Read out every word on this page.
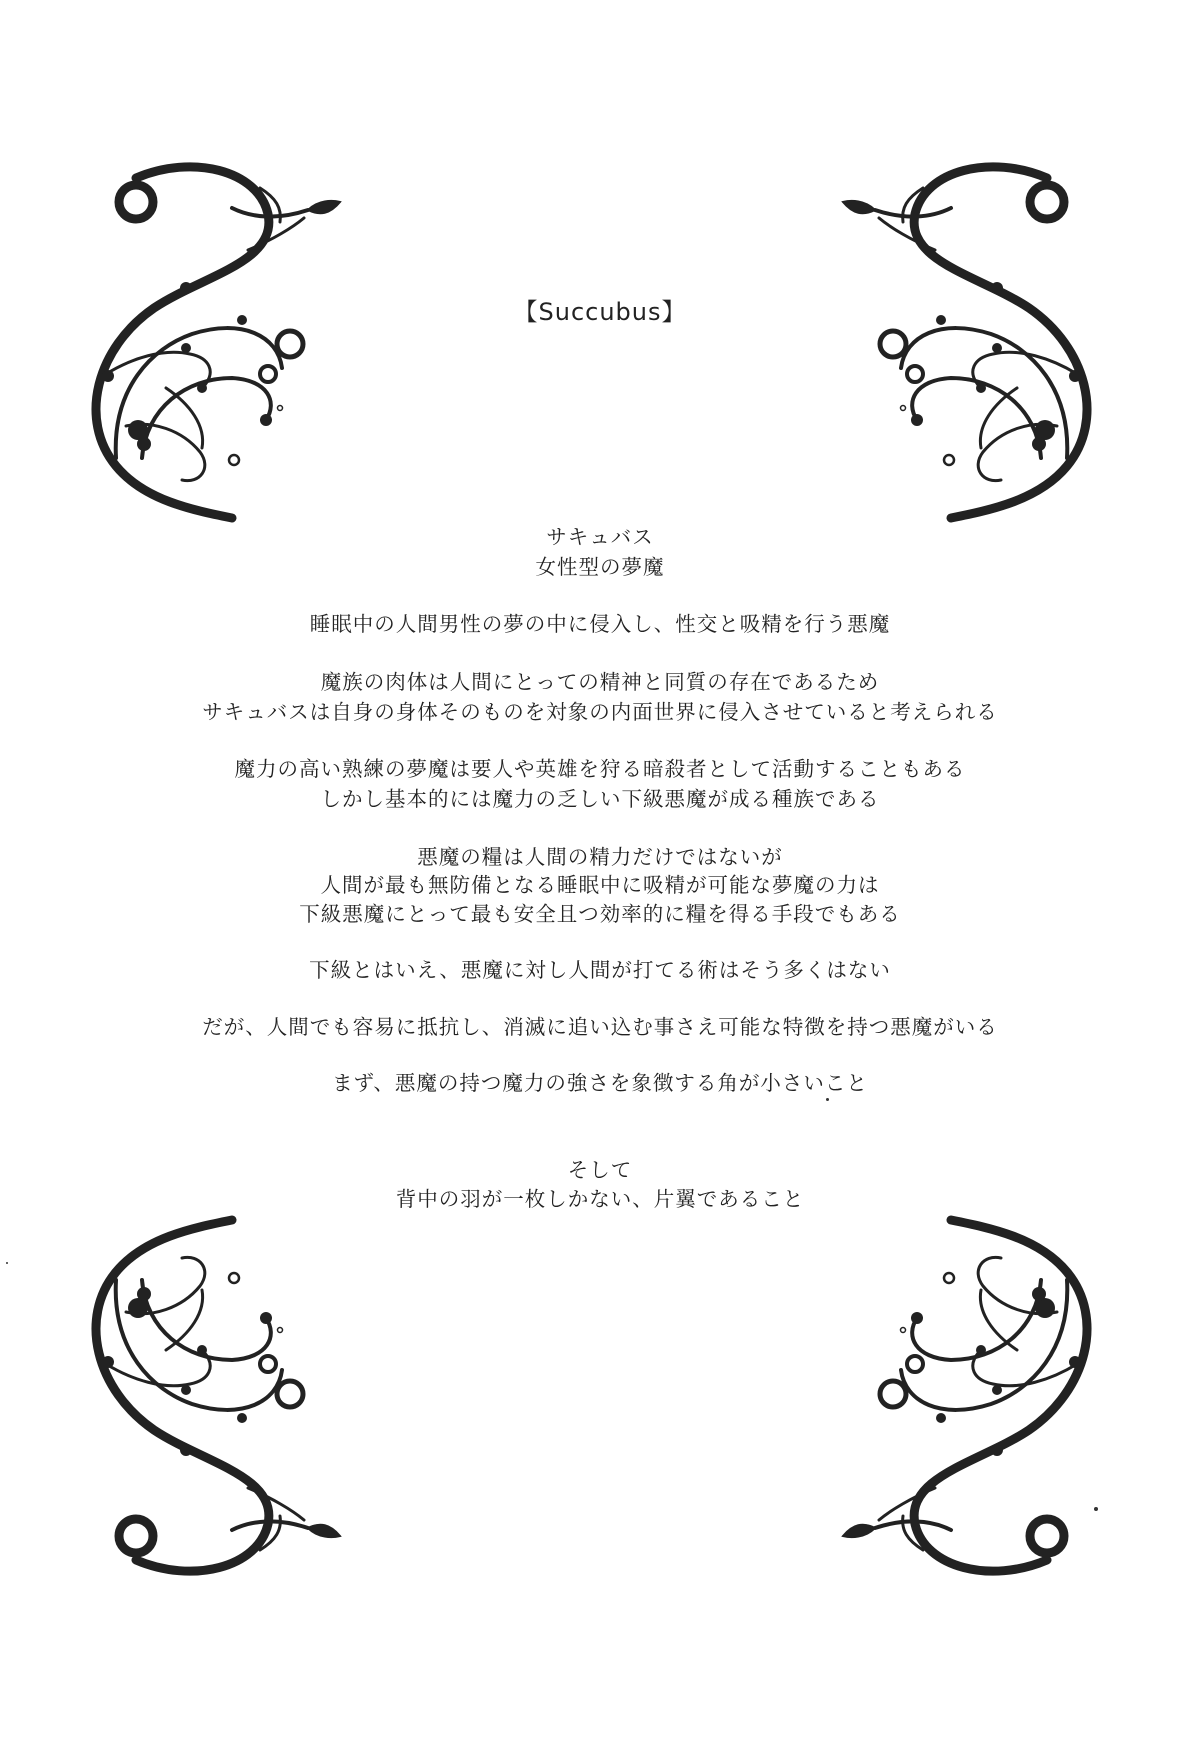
【Succubus】
サキュバス
女性型の夢魔
睡眠中の人間男性の夢の中に侵入し、性交と吸精を行う悪魔
魔族の肉体は人間にとっての精神と同質の存在であるため
サキュバスは自身の身体そのものを対象の内面世界に侵入させていると考えられる
魔力の高い熟練の夢魔は要人や英雄を狩る暗殺者として活動することもある
しかし基本的には魔力の乏しい下級悪魔が成る種族である
悪魔の糧は人間の精力だけではないが
人間が最も無防備となる睡眠中に吸精が可能な夢魔の力は
下級悪魔にとって最も安全且つ効率的に糧を得る手段でもある
下級とはいえ、悪魔に対し人間が打てる術はそう多くはない
だが、人間でも容易に抵抗し、消滅に追い込む事さえ可能な特徴を持つ悪魔がいる
まず、悪魔の持つ魔力の強さを象徴する角が小さいこと
そして
背中の羽が一枚しかない、片翼であること
